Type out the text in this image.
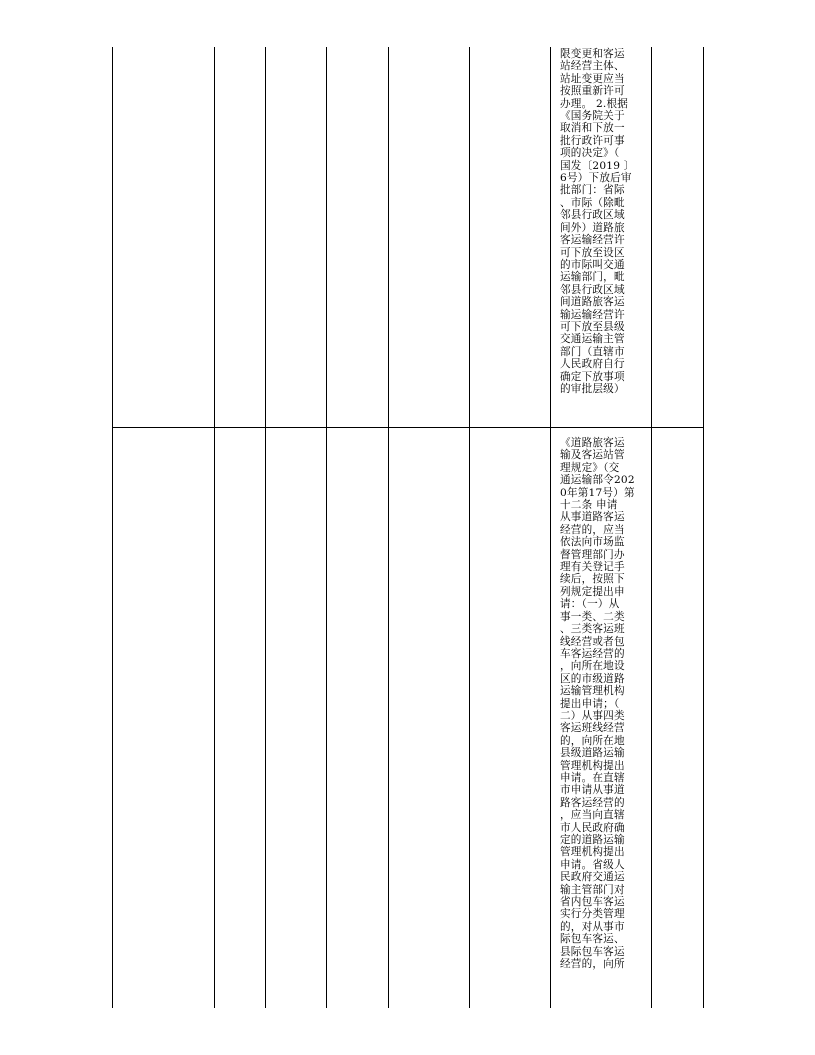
限变更和客运
站经营主体、
站址变更应当
按照重新许可
办理。 2.根据
《国务院关于
取消和下放一
批行政许可事
项的决定》（
国发〔2019 〕
6号）下放后审
批部门：省际
、市际（除毗
邻县行政区域
间外）道路旅
客运输经营许
可下放至设区
的市际叫交通
运输部门，毗
邻县行政区域
间道路旅客运
输运输经营许
可下放至县级
交通运输主管
部门（直辖市
人民政府自行
确定下放事项
的审批层级）
《道路旅客运
输及客运站管
理规定》（交
通运输部令202
0年第17号）第
十二条 申请
从事道路客运
经营的，应当
依法向市场监
督管理部门办
理有关登记手
续后，按照下
列规定提出申
请：（一）从
事一类、二类
、三类客运班
线经营或者包
车客运经营的
，向所在地设
区的市级道路
运输管理机构
提出申请；（
二）从事四类
客运班线经营
的，向所在地
县级道路运输
管理机构提出
申请。在直辖
市申请从事道
路客运经营的
，应当向直辖
市人民政府确
定的道路运输
管理机构提出
申请。省级人
民政府交通运
输主管部门对
省内包车客运
实行分类管理
的，对从事市
际包车客运、
县际包车客运
经营的，向所
